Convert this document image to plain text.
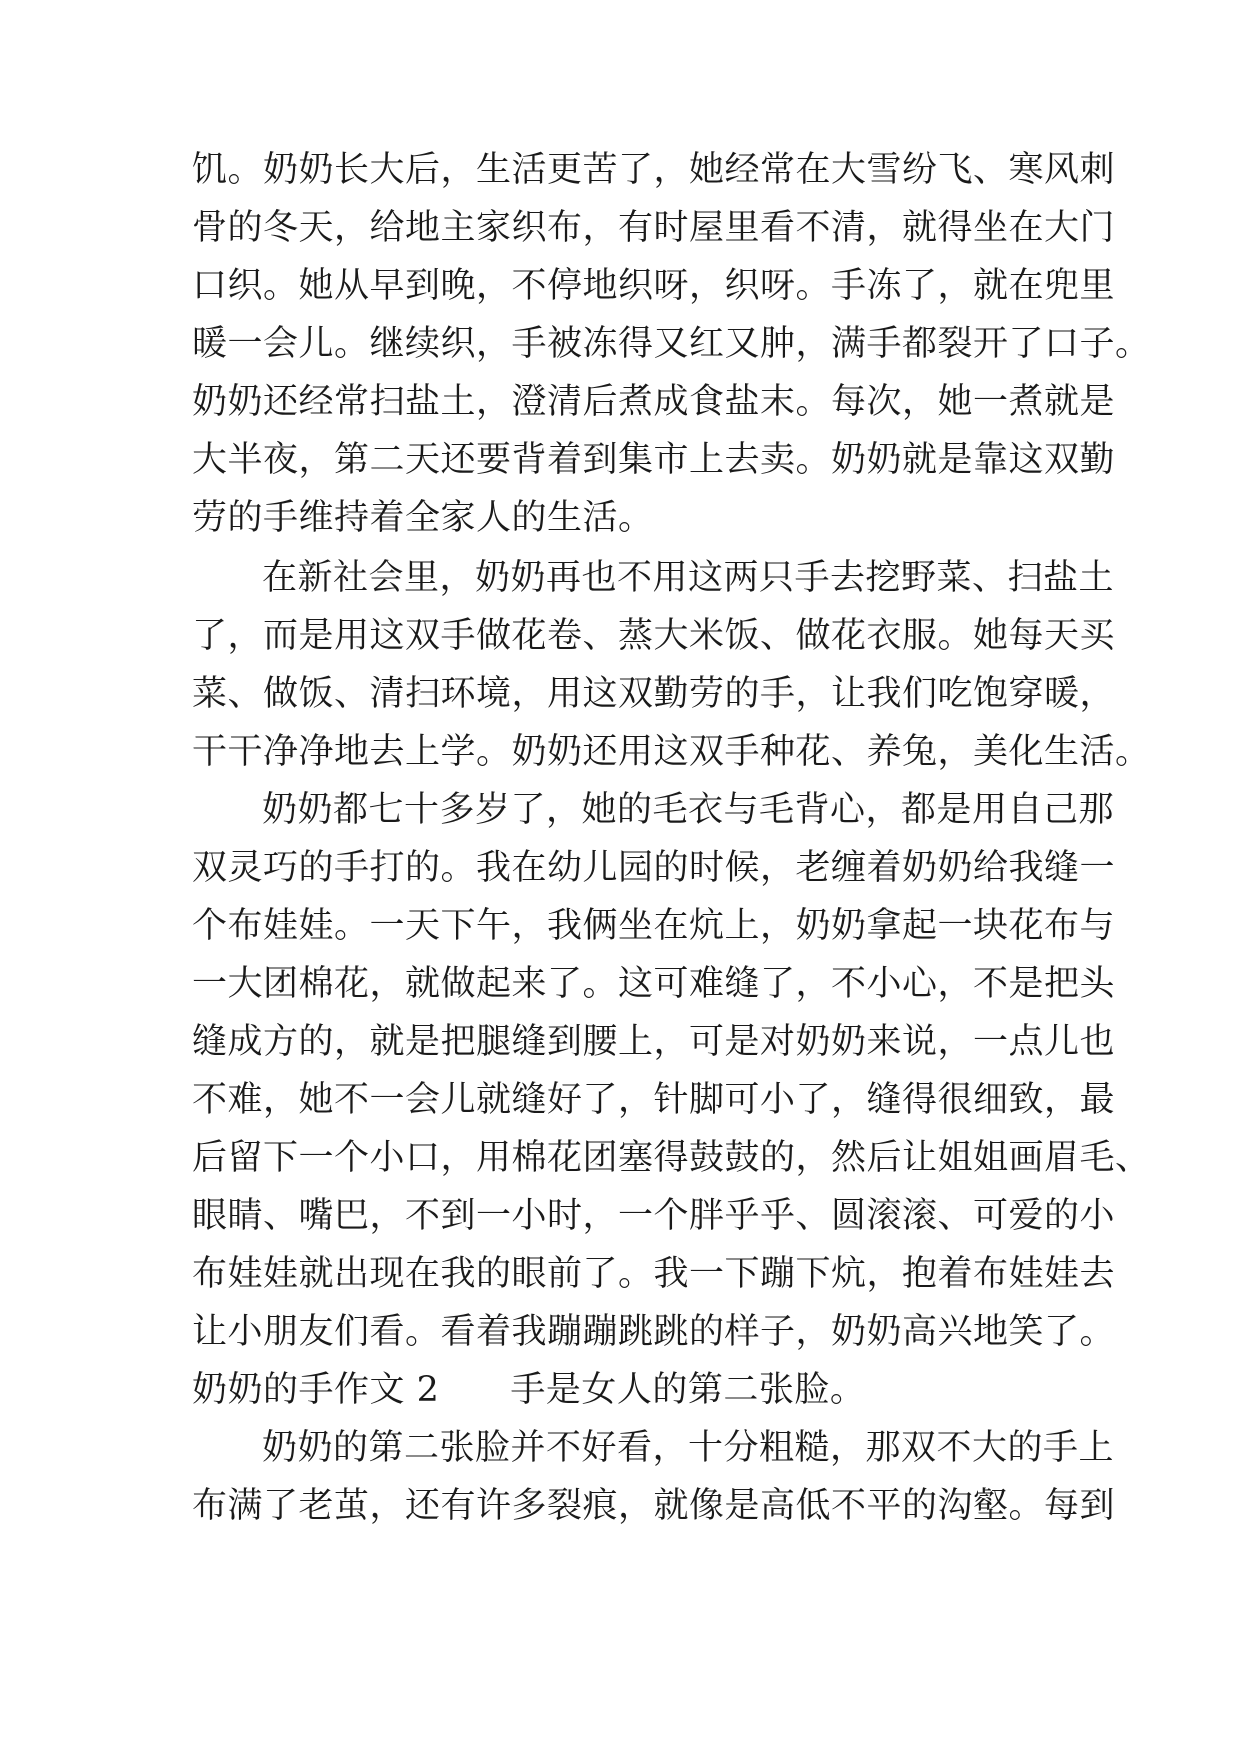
饥。奶奶长大后，生活更苦了，她经常在大雪纷飞、寒风刺
骨的冬天，给地主家织布，有时屋里看不清，就得坐在大门
口织。她从早到晚，不停地织呀，织呀。手冻了，就在兜里
暖一会儿。继续织，手被冻得又红又肿，满手都裂开了口子。
奶奶还经常扫盐土，澄清后煮成食盐末。每次，她一煮就是
大半夜，第二天还要背着到集市上去卖。奶奶就是靠这双勤
劳的手维持着全家人的生活。
在新社会里，奶奶再也不用这两只手去挖野菜、扫盐土
了，而是用这双手做花卷、蒸大米饭、做花衣服。她每天买
菜、做饭、清扫环境，用这双勤劳的手，让我们吃饱穿暖，
干干净净地去上学。奶奶还用这双手种花、养兔，美化生活。
奶奶都七十多岁了，她的毛衣与毛背心，都是用自己那
双灵巧的手打的。我在幼儿园的时候，老缠着奶奶给我缝一
个布娃娃。一天下午，我俩坐在炕上，奶奶拿起一块花布与
一大团棉花，就做起来了。这可难缝了，不小心，不是把头
缝成方的，就是把腿缝到腰上，可是对奶奶来说，一点儿也
不难，她不一会儿就缝好了，针脚可小了，缝得很细致，最
后留下一个小口，用棉花团塞得鼓鼓的，然后让姐姐画眉毛、
眼睛、嘴巴，不到一小时，一个胖乎乎、圆滚滚、可爱的小
布娃娃就出现在我的眼前了。我一下蹦下炕，抱着布娃娃去
让小朋友们看。看着我蹦蹦跳跳的样子，奶奶高兴地笑了。
奶奶的手作文 2　　手是女人的第二张脸。
奶奶的第二张脸并不好看，十分粗糙，那双不大的手上
布满了老茧，还有许多裂痕，就像是高低不平的沟壑。每到
